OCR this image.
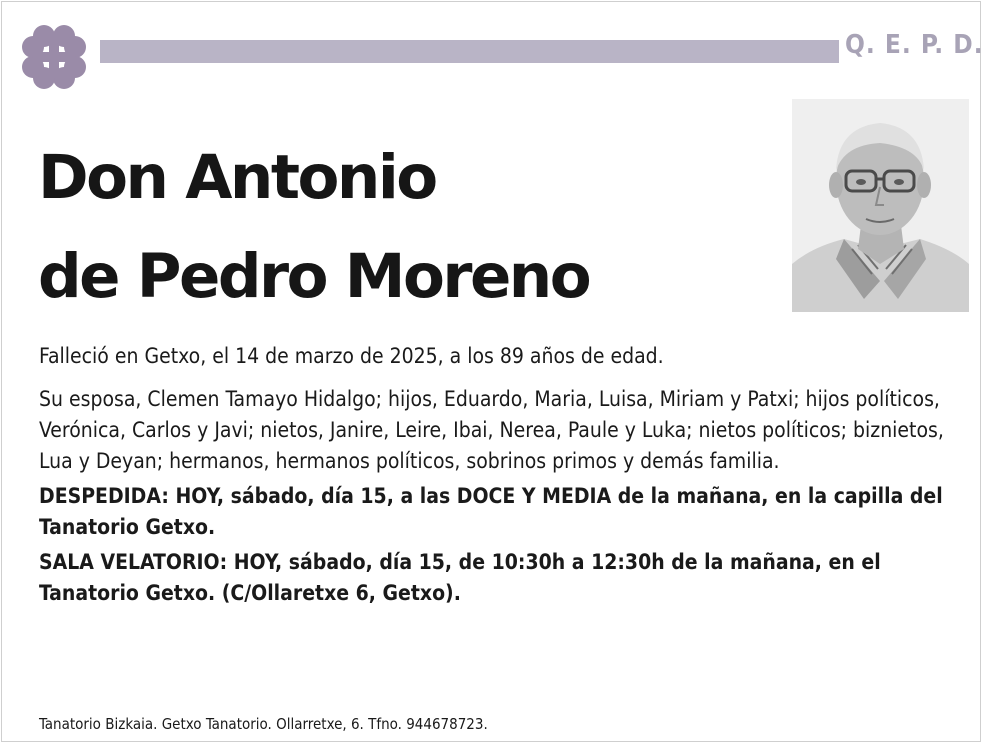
Q. E. P. D.
Don Antonio
de Pedro Moreno

Falleció en Getxo, el 14 de marzo de 2025, a los 89 años de edad.

Su esposa, Clemen Tamayo Hidalgo; hijos, Eduardo, Maria, Luisa, Miriam y Patxi; hijos políticos, Verónica, Carlos y Javi; nietos, Janire, Leire, Ibai, Nerea, Paule y Luka; nietos políticos; biznietos, Lua y Deyan; hermanos, hermanos políticos, sobrinos primos y demás familia.

DESPEDIDA: HOY, sábado, día 15, a las DOCE Y MEDIA de la mañana, en la capilla del Tanatorio Getxo.

SALA VELATORIO: HOY, sábado, día 15, de 10:30h a 12:30h de la mañana, en el Tanatorio Getxo. (C/Ollaretxe 6, Getxo).

Tanatorio Bizkaia. Getxo Tanatorio. Ollarretxe, 6. Tfno. 944678723.
